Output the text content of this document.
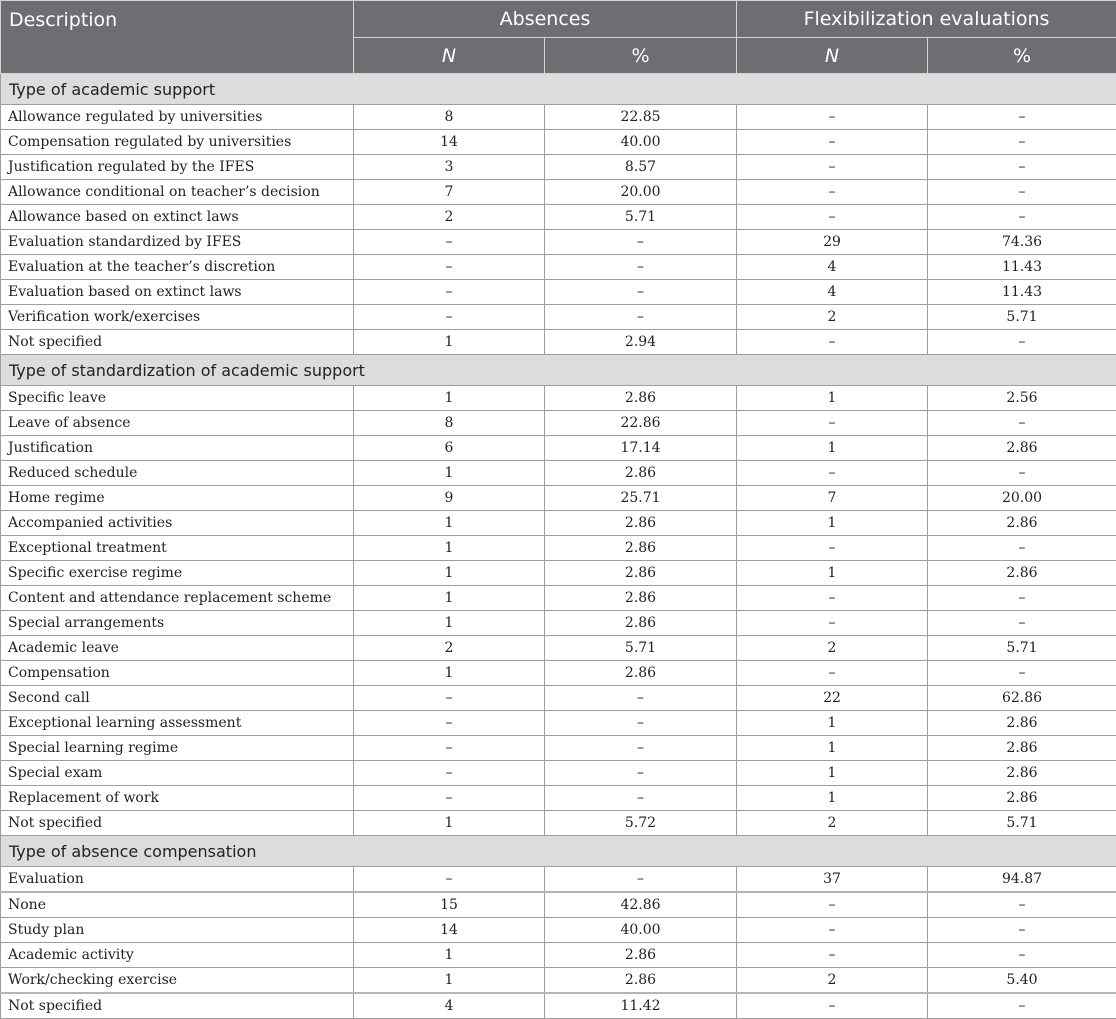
Description	Absences		Flexibilization evaluations	
	N	%	N	%
Type of academic support				
Allowance regulated by universities	8	22.85	–	–
Compensation regulated by universities	14	40.00	–	–
Justification regulated by the IFES	3	8.57	–	–
Allowance conditional on teacher’s decision	7	20.00	–	–
Allowance based on extinct laws	2	5.71	–	–
Evaluation standardized by IFES	–	–	29	74.36
Evaluation at the teacher’s discretion	–	–	4	11.43
Evaluation based on extinct laws	–	–	4	11.43
Verification work/exercises	–	–	2	5.71
Not specified	1	2.94	–	–
Type of standardization of academic support				
Specific leave	1	2.86	1	2.56
Leave of absence	8	22.86	–	–
Justification	6	17.14	1	2.86
Reduced schedule	1	2.86	–	–
Home regime	9	25.71	7	20.00
Accompanied activities	1	2.86	1	2.86
Exceptional treatment	1	2.86	–	–
Specific exercise regime	1	2.86	1	2.86
Content and attendance replacement scheme	1	2.86	–	–
Special arrangements	1	2.86	–	–
Academic leave	2	5.71	2	5.71
Compensation	1	2.86	–	–
Second call	–	–	22	62.86
Exceptional learning assessment	–	–	1	2.86
Special learning regime	–	–	1	2.86
Special exam	–	–	1	2.86
Replacement of work	–	–	1	2.86
Not specified	1	5.72	2	5.71
Type of absence compensation				
Evaluation	–	–	37	94.87
None	15	42.86	–	–
Study plan	14	40.00	–	–
Academic activity	1	2.86	–	–
Work/checking exercise	1	2.86	2	5.40
Not specified	4	11.42	–	–
